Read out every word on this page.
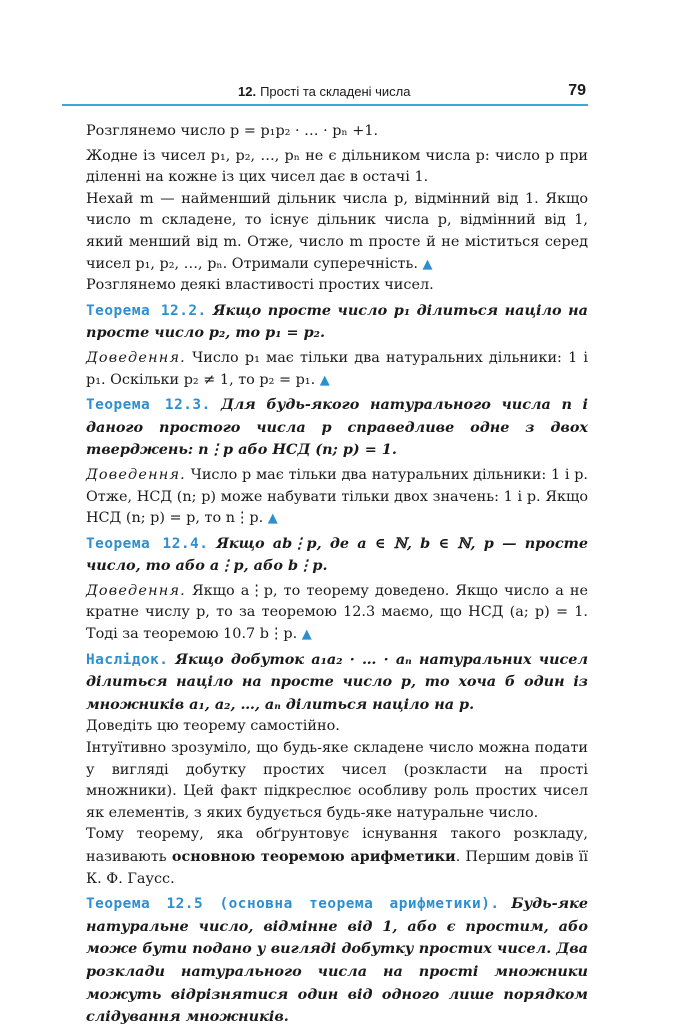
12. Прості та складені числа	79

Розглянемо число p = p₁p₂ · … · pₙ +1.

Жодне із чисел p₁, p₂, …, pₙ не є дільником числа p: число p при діленні на кожне із цих чисел дає в остачі 1.

Нехай m — найменший дільник числа p, відмінний від 1. Якщо число m складене, то існує дільник числа p, відмінний від 1, який менший від m. Отже, число m просте й не міститься серед чисел p₁, p₂, …, pₙ. Отримали суперечність. ▲

Розглянемо деякі властивості простих чисел.

Теорема 12.2. Якщо просте число p₁ ділиться націло на просте число p₂, то p₁ = p₂.

Доведення. Число p₁ має тільки два натуральних дільники: 1 і p₁. Оскільки p₂ ≠ 1, то p₂ = p₁. ▲

Теорема 12.3. Для будь-якого натурального числа n і даного простого числа p справедливе одне з двох тверджень: n⋮p або НСД (n; p) = 1.

Доведення. Число p має тільки два натуральних дільники: 1 і p. Отже, НСД (n; p) може набувати тільки двох значень: 1 і p. Якщо НСД (n; p) = p, то n⋮p. ▲

Теорема 12.4. Якщо ab⋮p, де a ∈ ℕ, b ∈ ℕ, p — просте число, то або a⋮p, або b⋮p.

Доведення. Якщо a⋮p, то теорему доведено. Якщо число a не кратне числу p, то за теоремою 12.3 маємо, що НСД (a; p) = 1. Тоді за теоремою 10.7 b⋮p. ▲

Наслідок. Якщо добуток a₁a₂ · … · aₙ натуральних чисел ділиться націло на просте число p, то хоча б один із множників a₁, a₂, …, aₙ ділиться націло на p.

Доведіть цю теорему самостійно.

Інтуїтивно зрозуміло, що будь-яке складене число можна подати у вигляді добутку простих чисел (розкласти на прості множники). Цей факт підкреслює особливу роль простих чисел як елементів, з яких будується будь-яке натуральне число.

Тому теорему, яка обґрунтовує існування такого розкладу, називають основною теоремою арифметики. Першим довів її К. Ф. Гаусс.

Теорема 12.5 (основна теорема арифметики). Будь-яке натуральне число, відмінне від 1, або є простим, або може бути подано у вигляді добутку простих чисел. Два розклади натурального числа на прості множники можуть відрізнятися один від одного лише порядком слідування множників.
